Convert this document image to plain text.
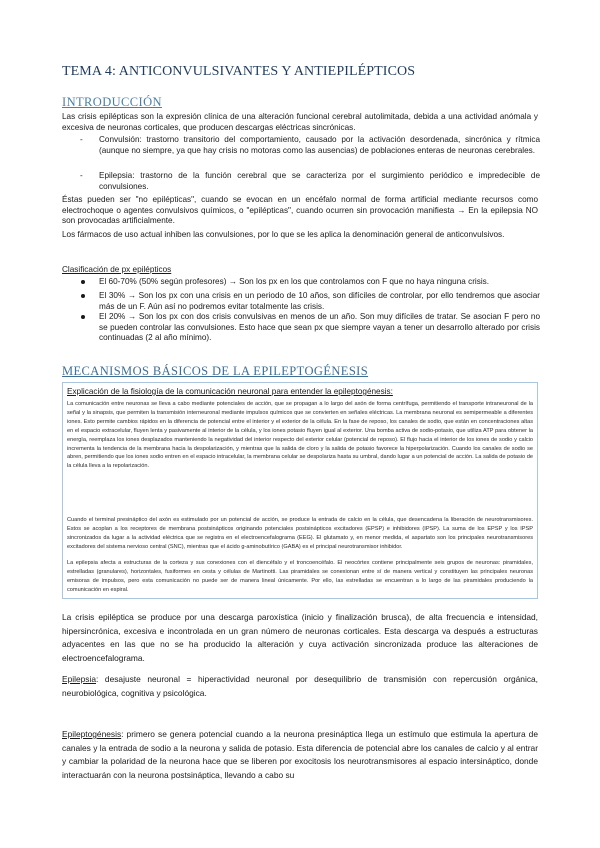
TEMA 4: ANTICONVULSIVANTES Y ANTIEPILÉPTICOS
INTRODUCCIÓN
Las crisis epilépticas son la expresión clínica de una alteración funcional cerebral autolimitada, debida a una actividad anómala y excesiva de neuronas corticales, que producen descargas eléctricas sincrónicas.
- Convulsión: trastorno transitorio del comportamiento, causado por la activación desordenada, sincrónica y rítmica (aunque no siempre, ya que hay crisis no motoras como las ausencias) de poblaciones enteras de neuronas cerebrales.
- Epilepsia: trastorno de la función cerebral que se caracteriza por el surgimiento periódico e impredecible de convulsiones.
Éstas pueden ser "no epilépticas", cuando se evocan en un encéfalo normal de forma artificial mediante recursos como electrochoque o agentes convulsivos químicos, o "epilépticas", cuando ocurren sin provocación manifiesta → En la epilepsia NO son provocadas artificialmente.
Los fármacos de uso actual inhiben las convulsiones, por lo que se les aplica la denominación general de anticonvulsivos.
Clasificación de px epilépticos
El 60-70% (50% según profesores) → Son los px en los que controlamos con F que no haya ninguna crisis.
El 30% → Son los px con una crisis en un periodo de 10 años, son difíciles de controlar, por ello tendremos que asociar más de un F. Aún así no podremos evitar totalmente las crisis.
El 20% → Son los px con dos crisis convulsivas en menos de un año. Son muy difíciles de tratar. Se asocian F pero no se pueden controlar las convulsiones. Esto hace que sean px que siempre vayan a tener un desarrollo alterado por crisis continuadas (2 al año mínimo).
MECANISMOS BÁSICOS DE LA EPILEPTOGÉNESIS
Explicación de la fisiología de la comunicación neuronal para entender la epileptogénesis:
La comunicación entre neuronas se lleva a cabo mediante potenciales de acción, que se propagan a lo largo del axón de forma centrífuga, permitiendo el transporte intraneuronal de la señal y la sinapsis, que permiten la transmisión interneuronal mediante impulsos químicos que se convierten en señales eléctricas. La membrana neuronal es semipermeable a diferentes iones. Esto permite cambios rápidos en la diferencia de potencial entre el interior y el exterior de la célula. En la fase de reposo, los canales de sodio, que están en concentraciones altas en el espacio extracelular, fluyen lenta y pasivamente al interior de la célula, y los iones potasio fluyen igual al exterior. Una bomba activa de sodio-potasio, que utiliza ATP para obtener la energía, reemplaza los iones desplazados manteniendo la negatividad del interior respecto del exterior celular (potencial de reposo). El flujo hacia el interior de los iones de sodio y calcio incrementa la tendencia de la membrana hacia la despolarización, y mientras que la salida de cloro y la salida de potasio favorece la hiperpolarización. Cuando los canales de sodio se abren, permitiendo que los iones sodio entren en el espacio intracelular, la membrana celular se despolariza hasta su umbral, dando lugar a un potencial de acción. La salida de potasio de la célula lleva a la repolarización.
Cuando el terminal presináptico del axón es estimulado por un potencial de acción, se produce la entrada de calcio en la célula, que desencadena la liberación de neurotransmisores. Estos se acoplan a los receptores de membrana postsinápticos originando potenciales postsinápticos excitadores (EPSP) e inhibidores (IPSP). La suma de los EPSP y los IPSP sincronizados da lugar a la actividad eléctrica que se registra en el electroencefalograma (EEG). El glutamato y, en menor medida, el aspartato son los principales neurotransmisores excitadores del sistema nervioso central (SNC), mientras que el ácido g-aminobutírico (GABA) es el principal neurotransmisor inhibidor.
La epilepsia afecta a estructuras de la corteza y sus conexiones con el diencéfalo y el troncoencéfalo. El neocórtex contiene principalmente seis grupos de neuronas: piramidales, estrelladas (granulares), horizontales, fusiformes en cesta y células de Martinotti. Las piramidales se conexionan entre sí de manera vertical y constituyen las principales neuronas emisoras de impulsos, pero esta comunicación no puede ser de manera lineal únicamente. Por ello, las estrelladas se encuentran a lo largo de las piramidales produciendo la comunicación en espiral.
La crisis epiléptica se produce por una descarga paroxística (inicio y finalización brusca), de alta frecuencia e intensidad, hipersincrónica, excesiva e incontrolada en un gran número de neuronas corticales. Esta descarga va después a estructuras adyacentes en las que no se ha producido la alteración y cuya activación sincronizada produce las alteraciones de electroencefalograma.
Epilepsia: desajuste neuronal = hiperactividad neuronal por desequilibrio de transmisión con repercusión orgánica, neurobiológica, cognitiva y psicológica.
Epileptogénesis: primero se genera potencial cuando a la neurona presináptica llega un estímulo que estimula la apertura de canales y la entrada de sodio a la neurona y salida de potasio. Esta diferencia de potencial abre los canales de calcio y al entrar y cambiar la polaridad de la neurona hace que se liberen por exocitosis los neurotransmisores al espacio intersináptico, donde interactuarán con la neurona postsináptica, llevando a cabo su
